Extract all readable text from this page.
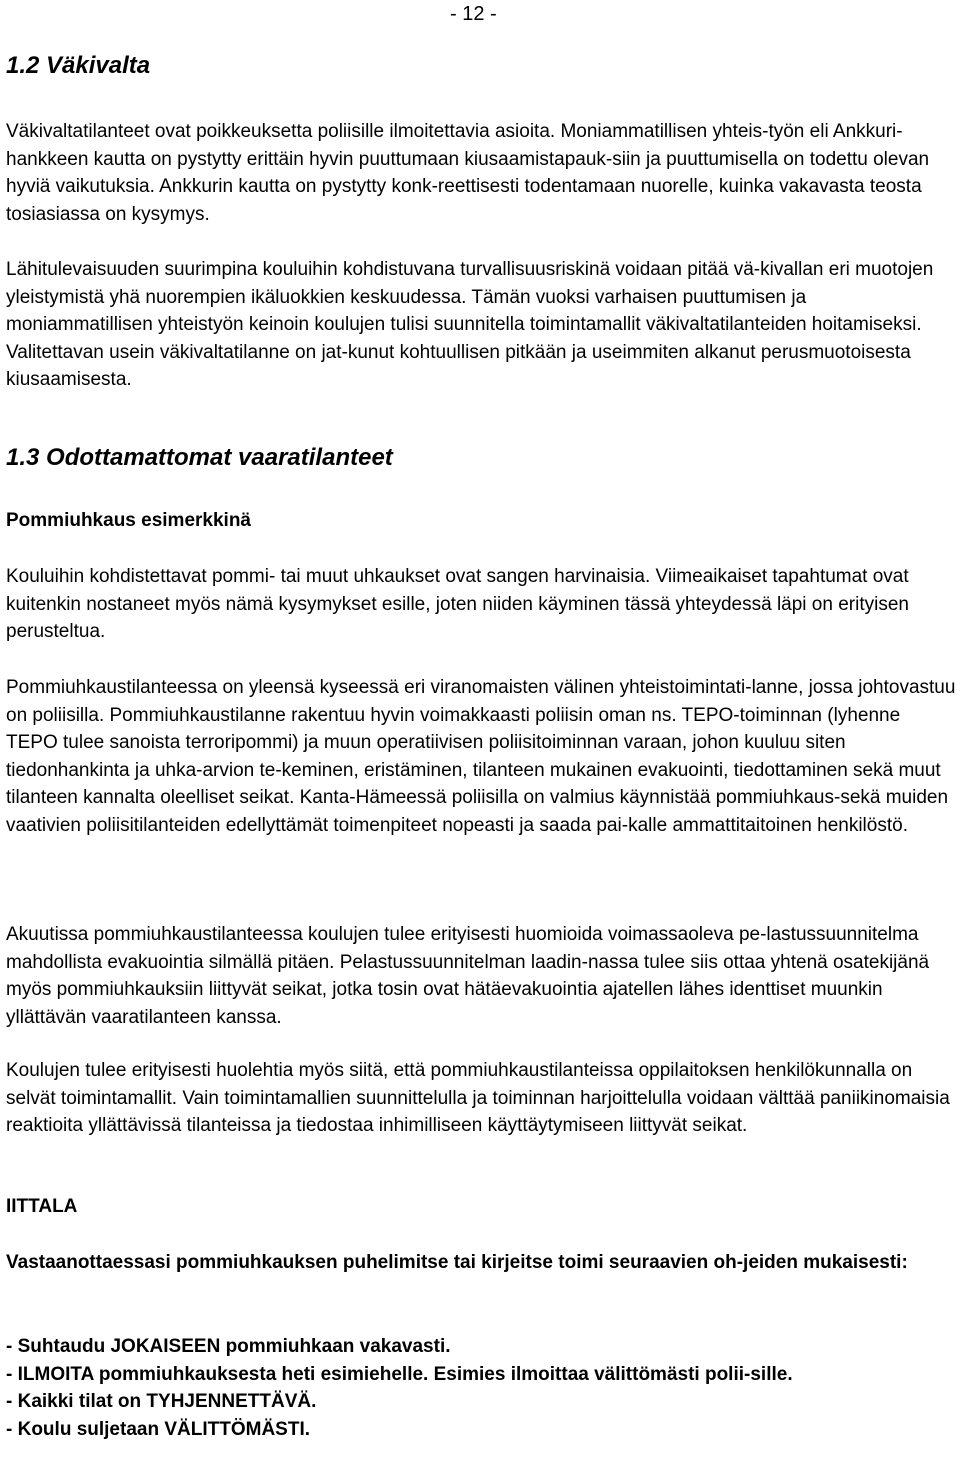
- 12 -
1.2 Väkivalta

Väkivaltatilanteet ovat poikkeuksetta poliisille ilmoitettavia asioita. Moniammatillisen yhteis-työn eli Ankkuri-hankkeen kautta on pystytty erittäin hyvin puuttumaan kiusaamistapauk-siin ja puuttumisella on todettu olevan hyviä vaikutuksia. Ankkurin kautta on pystytty konk-reettisesti todentamaan nuorelle, kuinka vakavasta teosta tosiasiassa on kysymys.

Lähitulevaisuuden suurimpina kouluihin kohdistuvana turvallisuusriskinä voidaan pitää vä-kivallan eri muotojen yleistymistä yhä nuorempien ikäluokkien keskuudessa. Tämän vuoksi varhaisen puuttumisen ja moniammatillisen yhteistyön keinoin koulujen tulisi suunnitella toimintamallit väkivaltatilanteiden hoitamiseksi. Valitettavan usein väkivaltatilanne on jat-kunut kohtuullisen pitkään ja useimmiten alkanut perusmuotoisesta kiusaamisesta.

1.3 Odottamattomat vaaratilanteet
Pommiuhkaus esimerkkinä

Kouluihin kohdistettavat pommi- tai muut uhkaukset ovat sangen harvinaisia. Viimeaikaiset tapahtumat ovat kuitenkin nostaneet myös nämä kysymykset esille, joten niiden käyminen tässä yhteydessä läpi on erityisen perusteltua.

Pommiuhkaustilanteessa on yleensä kyseessä eri viranomaisten välinen yhteistoimintati-lanne, jossa johtovastuu on poliisilla. Pommiuhkaustilanne rakentuu hyvin voimakkaasti poliisin oman ns. TEPO-toiminnan (lyhenne TEPO tulee sanoista terroripommi) ja muun operatiivisen poliisitoiminnan varaan, johon kuuluu siten tiedonhankinta ja uhka-arvion te-keminen, eristäminen, tilanteen mukainen evakuointi, tiedottaminen sekä muut tilanteen kannalta oleelliset seikat. Kanta-Hämeessä poliisilla on valmius käynnistää pommiuhkaus-sekä muiden vaativien poliisitilanteiden edellyttämät toimenpiteet nopeasti ja saada pai-kalle ammattitaitoinen henkilöstö.

Akuutissa pommiuhkaustilanteessa koulujen tulee erityisesti huomioida voimassaoleva pe-lastussuunnitelma mahdollista evakuointia silmällä pitäen. Pelastussuunnitelman laadin-nassa tulee siis ottaa yhtenä osatekijänä myös pommiuhkauksiin liittyvät seikat, jotka tosin ovat hätäevakuointia ajatellen lähes identtiset muunkin yllättävän vaaratilanteen kanssa.

Koulujen tulee erityisesti huolehtia myös siitä, että pommiuhkaustilanteissa oppilaitoksen henkilökunnalla on selvät toimintamallit. Vain toimintamallien suunnittelulla ja toiminnan harjoittelulla voidaan välttää paniikinomaisia reaktioita yllättävissä tilanteissa ja tiedostaa inhimilliseen käyttäytymiseen liittyvät seikat.

IITTALA

Vastaanottaessasi pommiuhkauksen puhelimitse tai kirjeitse toimi seuraavien oh-jeiden mukaisesti:

- Suhtaudu JOKAISEEN pommiuhkaan vakavasti.
- ILMOITA pommiuhkauksesta heti esimiehelle. Esimies ilmoittaa välittömästi polii-sille.
- Kaikki tilat on TYHJENNETTÄVÄ.
- Koulu suljetaan VÄLITTÖMÄSTI.
